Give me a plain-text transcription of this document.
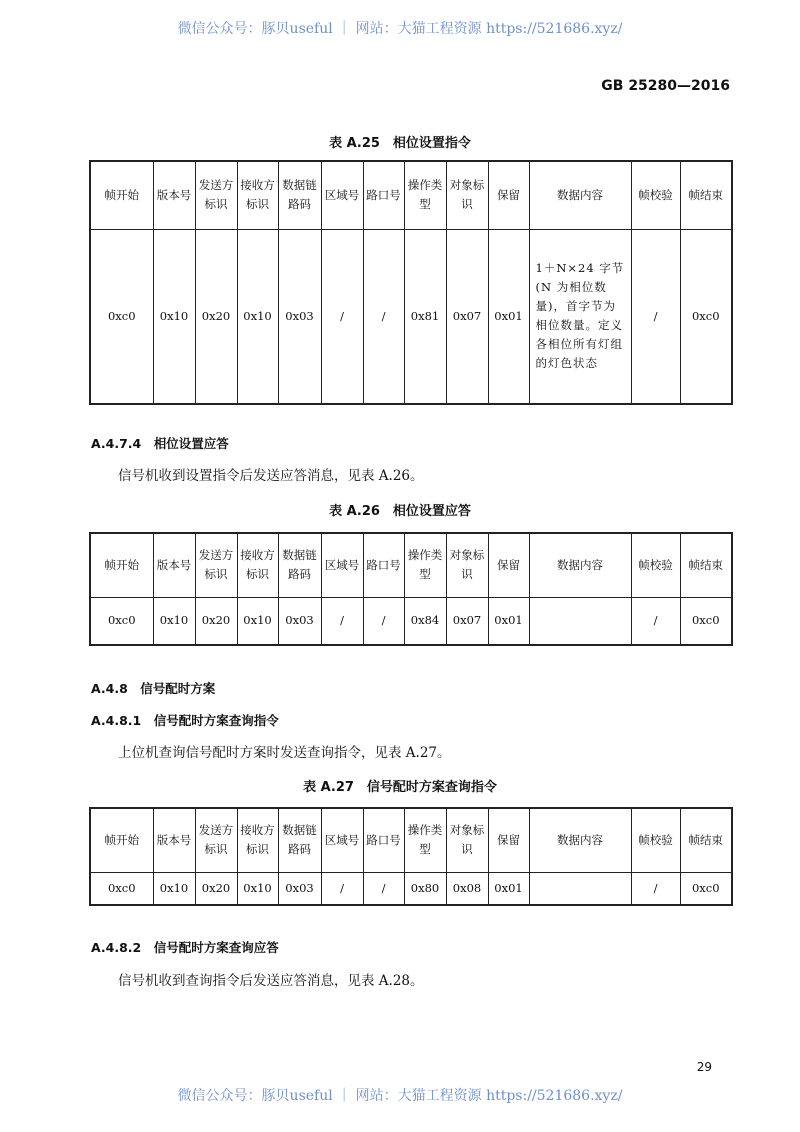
微信公众号：豚贝useful ｜ 网站：大猫工程资源 https://521686.xyz/
GB 25280—2016
表 A.25　相位设置指令
帧开始	版本号	发送方标识	接收方标识	数据链路码	区域号	路口号	操作类型	对象标识	保留	数据内容	帧校验	帧结束
0xc0	0x10	0x20	0x10	0x03	/	/	0x81	0x07	0x01	1＋N×24 字节(N 为相位数量)，首字节为相位数量。定义各相位所有灯组的灯色状态	/	0xc0
A.4.7.4　相位设置应答
信号机收到设置指令后发送应答消息，见表 A.26。
表 A.26　相位设置应答
帧开始	版本号	发送方标识	接收方标识	数据链路码	区域号	路口号	操作类型	对象标识	保留	数据内容	帧校验	帧结束
0xc0	0x10	0x20	0x10	0x03	/	/	0x84	0x07	0x01		/	0xc0
A.4.8　信号配时方案
A.4.8.1　信号配时方案查询指令
上位机查询信号配时方案时发送查询指令，见表 A.27。
表 A.27　信号配时方案查询指令
帧开始	版本号	发送方标识	接收方标识	数据链路码	区域号	路口号	操作类型	对象标识	保留	数据内容	帧校验	帧结束
0xc0	0x10	0x20	0x10	0x03	/	/	0x80	0x08	0x01		/	0xc0
A.4.8.2　信号配时方案查询应答
信号机收到查询指令后发送应答消息，见表 A.28。
29
微信公众号：豚贝useful ｜ 网站：大猫工程资源 https://521686.xyz/
